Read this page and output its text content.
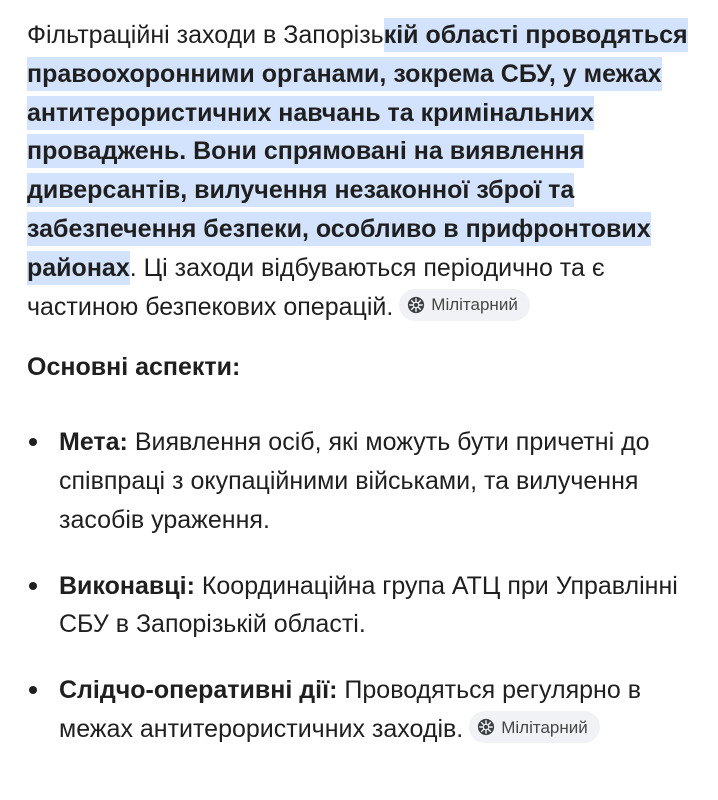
Фільтраційні заходи в Запорізькій області проводяться правоохоронними органами, зокрема СБУ, у межах антитерористичних навчань та кримінальних проваджень. Вони спрямовані на виявлення диверсантів, вилучення незаконної зброї та забезпечення безпеки, особливо в прифронтових районах. Ці заходи відбуваються періодично та є частиною безпекових операцій. Мілітарний

Основні аспекти:
Мета: Виявлення осіб, які можуть бути причетні до співпраці з окупаційними військами, та вилучення засобів ураження.
Виконавці: Координаційна група АТЦ при Управлінні СБУ в Запорізькій області.
Слідчо-оперативні дії: Проводяться регулярно в межах антитерористичних заходів. Мілітарний
